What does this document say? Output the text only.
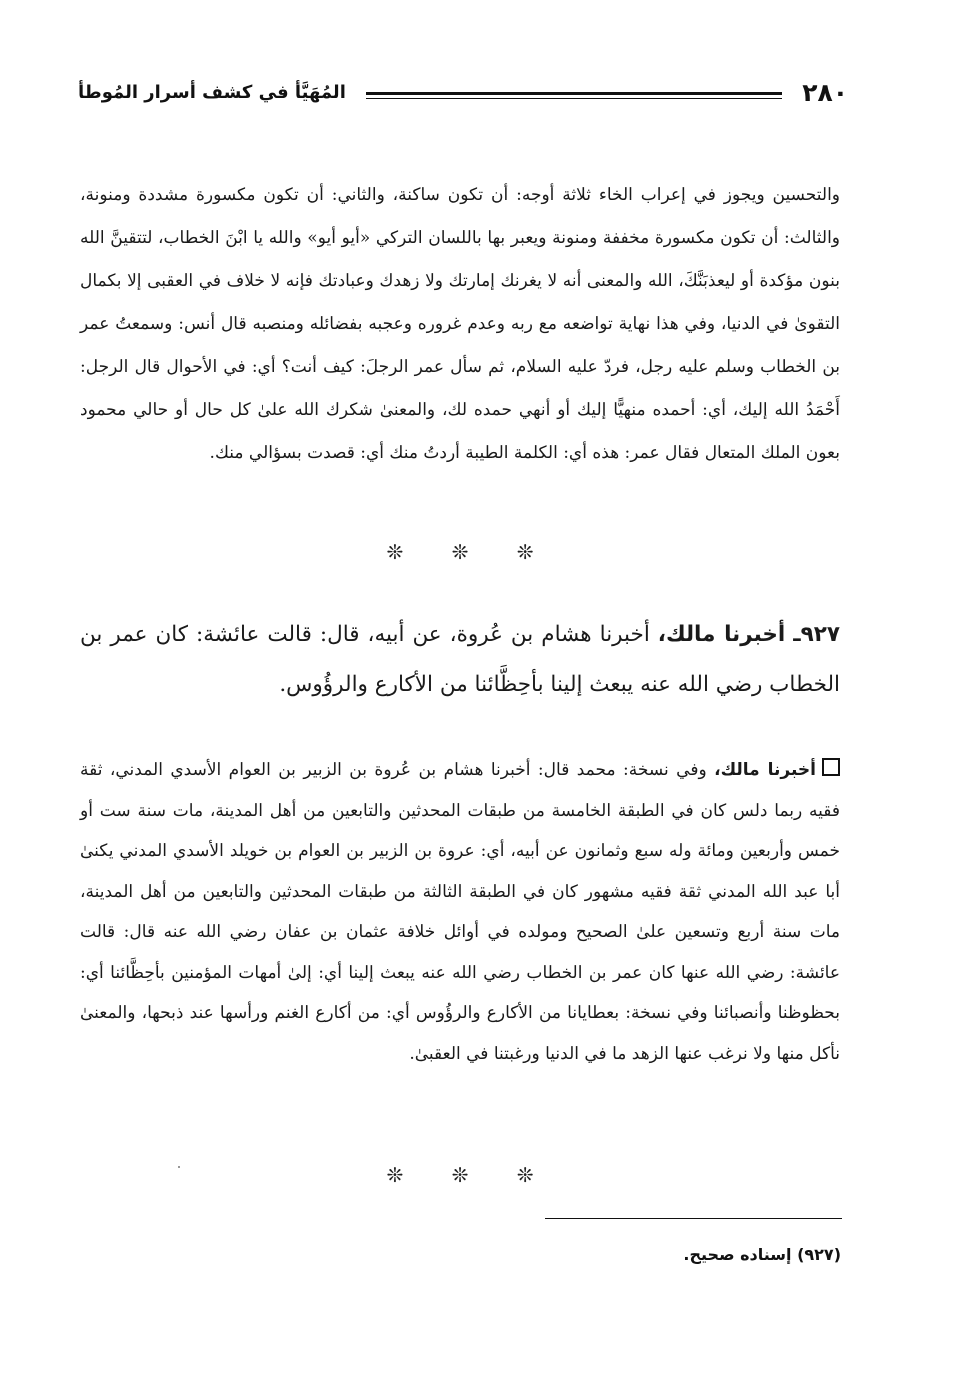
٢٨٠
المُهَيَّأ في كشف أسرار المُوطأ

والتحسين ويجوز في إعراب الخاء ثلاثة أوجه: أن تكون ساكنة، والثاني: أن تكون مكسورة مشددة ومنونة، والثالث: أن تكون مكسورة مخففة ومنونة ويعبر بها باللسان التركي «أيو أيو» والله يا ابْنَ الخطاب، لتتقينَّ الله بنون مؤكدة أو ليعذبَنَّكَ، الله والمعنى أنه لا يغرنك إمارتك ولا زهدك وعبادتك فإنه لا خلاف في العقبى إلا بكمال التقوىٰ في الدنيا، وفي هذا نهاية تواضعه مع ربه وعدم غروره وعجبه بفضائله ومنصبه قال أنس: وسمعتُ عمر بن الخطاب وسلم عليه رجل، فردّ عليه السلام، ثم سأل عمر الرجلَ: كيف أنت؟ أي: في الأحوال قال الرجل: أَحْمَدُ الله إليك، أي: أحمده منهيًّا إليك أو أنهي حمده لك، والمعنىٰ شكرك الله علىٰ كل حال أو حالي محمود بعون الملك المتعال فقال عمر: هذه أي: الكلمة الطيبة أردتُ منك أي: قصدت بسؤالي منك.

❊ ❊ ❊

٩٢٧ـ أخبرنا مالك، أخبرنا هشام بن عُروة، عن أبيه، قال: قالت عائشة: كان عمر بن الخطاب رضي الله عنه يبعث إلينا بأحِظَّائنا من الأكارع والرؤُوس.

أخبرنا مالك، وفي نسخة: محمد قال: أخبرنا هشام بن عُروة بن الزبير بن العوام الأسدي المدني، ثقة فقيه ربما دلس كان في الطبقة الخامسة من طبقات المحدثين والتابعين من أهل المدينة، مات سنة ست أو خمس وأربعين ومائة وله سبع وثمانون عن أبيه، أي: عروة بن الزبير بن العوام بن خويلد الأسدي المدني يكنىٰ أبا عبد الله المدني ثقة فقيه مشهور كان في الطبقة الثالثة من طبقات المحدثين والتابعين من أهل المدينة، مات سنة أربع وتسعين علىٰ الصحيح ومولده في أوائل خلافة عثمان بن عفان رضي الله عنه قال: قالت عائشة: رضي الله عنها كان عمر بن الخطاب رضي الله عنه يبعث إلينا أي: إلىٰ أمهات المؤمنين بأحِظَّائنا أي: بحظوظنا وأنصبائنا وفي نسخة: بعطايانا من الأكارع والرؤُوس أي: من أكارع الغنم ورأسها عند ذبحها، والمعنىٰ نأكل منها ولا نرغب عنها الزهد ما في الدنيا ورغبتنا في العقبىٰ.

❊ ❊ ❊
(٩٢٧) إسناده صحيح.
